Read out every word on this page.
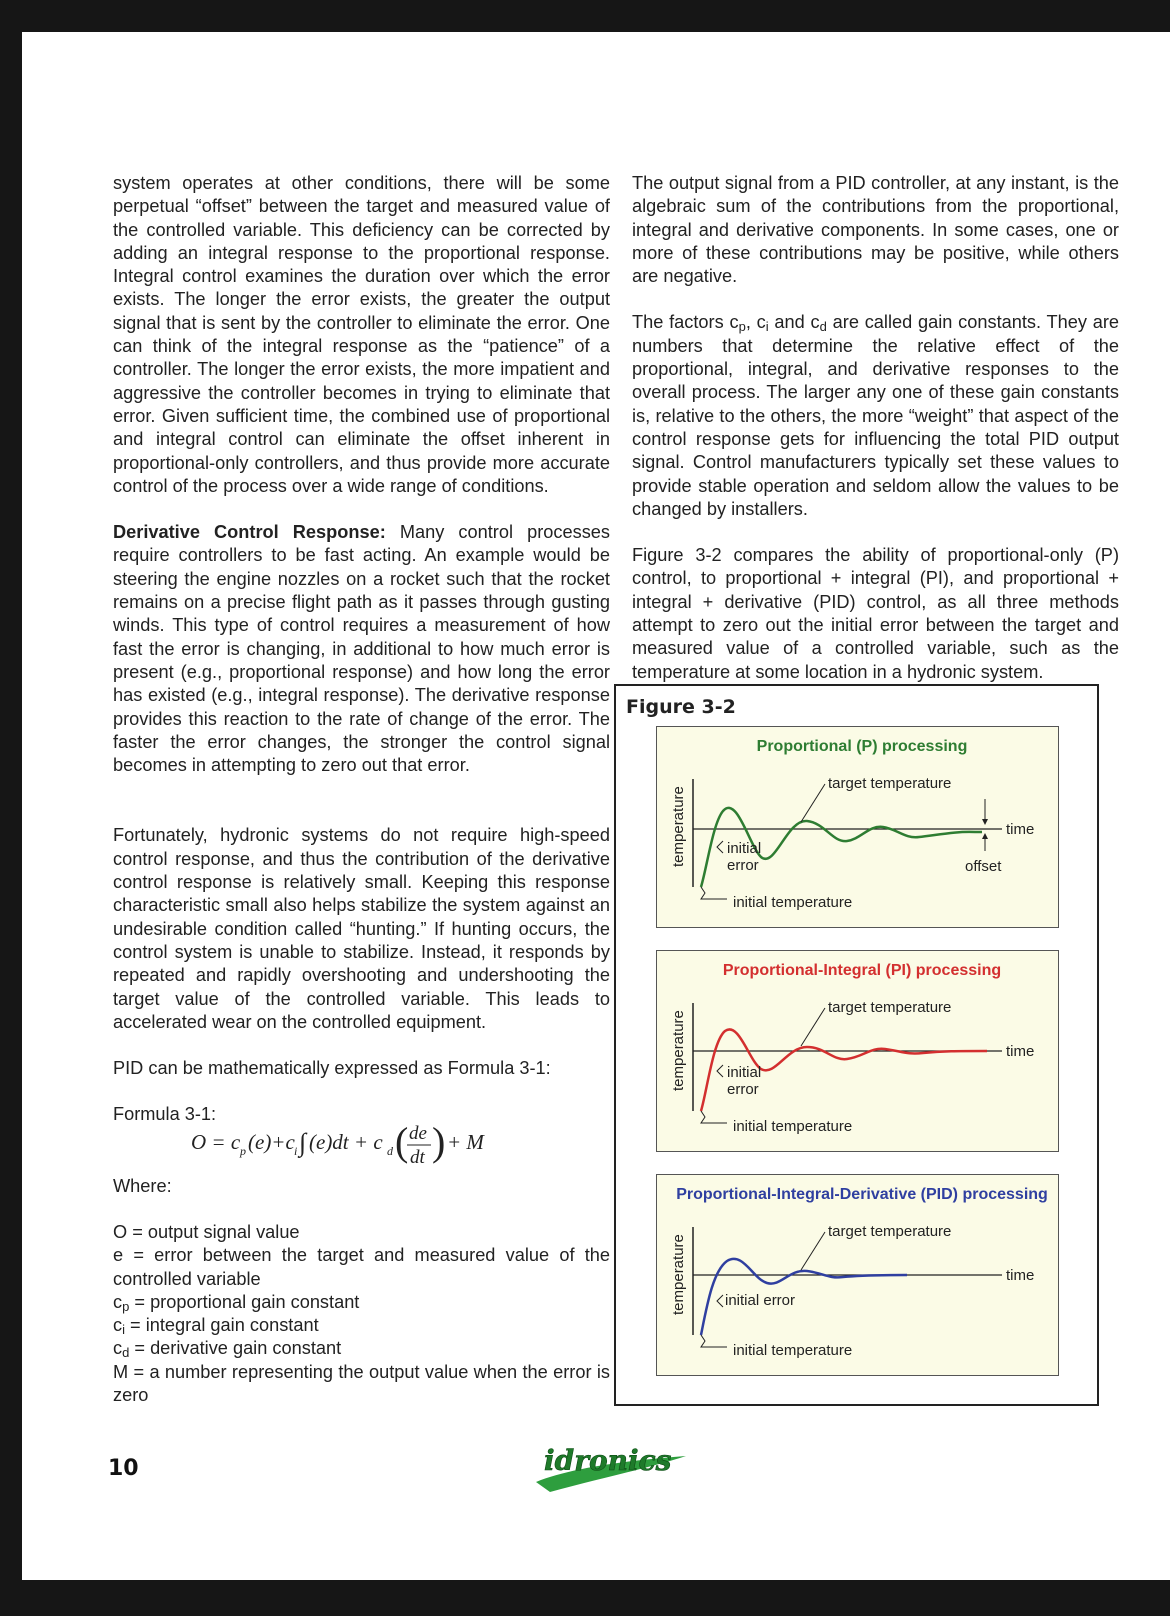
system operates at other conditions, there will be some perpetual “offset” between the target and measured value of the controlled variable. This deficiency can be corrected by adding an integral response to the proportional response. Integral control examines the duration over which the error exists. The longer the error exists, the greater the output signal that is sent by the controller to eliminate the error. One can think of the integral response as the “patience” of a controller. The longer the error exists, the more impatient and aggressive the controller becomes in trying to eliminate that error. Given sufficient time, the combined use of proportional and integral control can eliminate the offset inherent in proportional-only controllers, and thus provide more accurate control of the process over a wide range of conditions.

Derivative Control Response: Many control processes require controllers to be fast acting. An example would be steering the engine nozzles on a rocket such that the rocket remains on a precise flight path as it passes through gusting winds. This type of control requires a measurement of how fast the error is changing, in additional to how much error is present (e.g., proportional response) and how long the error has existed (e.g., integral response). The derivative response provides this reaction to the rate of change of the error. The faster the error changes, the stronger the control signal becomes in attempting to zero out that error.

Fortunately, hydronic systems do not require high-speed control response, and thus the contribution of the derivative control response is relatively small. Keeping this response characteristic small also helps stabilize the system against an undesirable condition called “hunting.” If hunting occurs, the control system is unable to stabilize. Instead, it responds by repeated and rapidly overshooting and undershooting the target value of the controlled variable. This leads to accelerated wear on the controlled equipment.

PID can be mathematically expressed as Formula 3-1:

Formula 3-1:

O = c p (e)+c i ∫ (e)dt + c d ( de
dt ) + M

Where:

O = output signal value

e = error between the target and measured value of the controlled variable

$c_p$ = proportional gain constant

$c_i$ = integral gain constant

$c_d$ = derivative gain constant

M = a number representing the output value when the error is zero

The output signal from a PID controller, at any instant, is the algebraic sum of the contributions from the proportional, integral and derivative components. In some cases, one or more of these contributions may be positive, while others are negative.

The factors $c_p$, $c_i$ and $c_d$ are called gain constants. They are numbers that determine the relative effect of the proportional, integral, and derivative responses to the overall process. The larger any one of these gain constants is, relative to the others, the more “weight” that aspect of the control response gets for influencing the total PID output signal. Control manufacturers typically set these values to provide stable operation and seldom allow the values to be changed by installers.

Figure 3-2 compares the ability of proportional-only (P) control, to proportional + integral (PI), and proportional + integral + derivative (PID) control, as all three methods attempt to zero out the initial error between the target and measured value of a controlled variable, such as the temperature at some location in a hydronic system.

Figure 3-2
Proportional (P) processing
temperature	time
target temperature
initial
error
initial temperature
offset
Proportional-Integral (PI) processing
temperature	time
target temperature
initial
error
initial temperature
Proportional-Integral-Derivative (PID) processing
temperature	time
target temperature
initial error
initial temperature
10	idronics
